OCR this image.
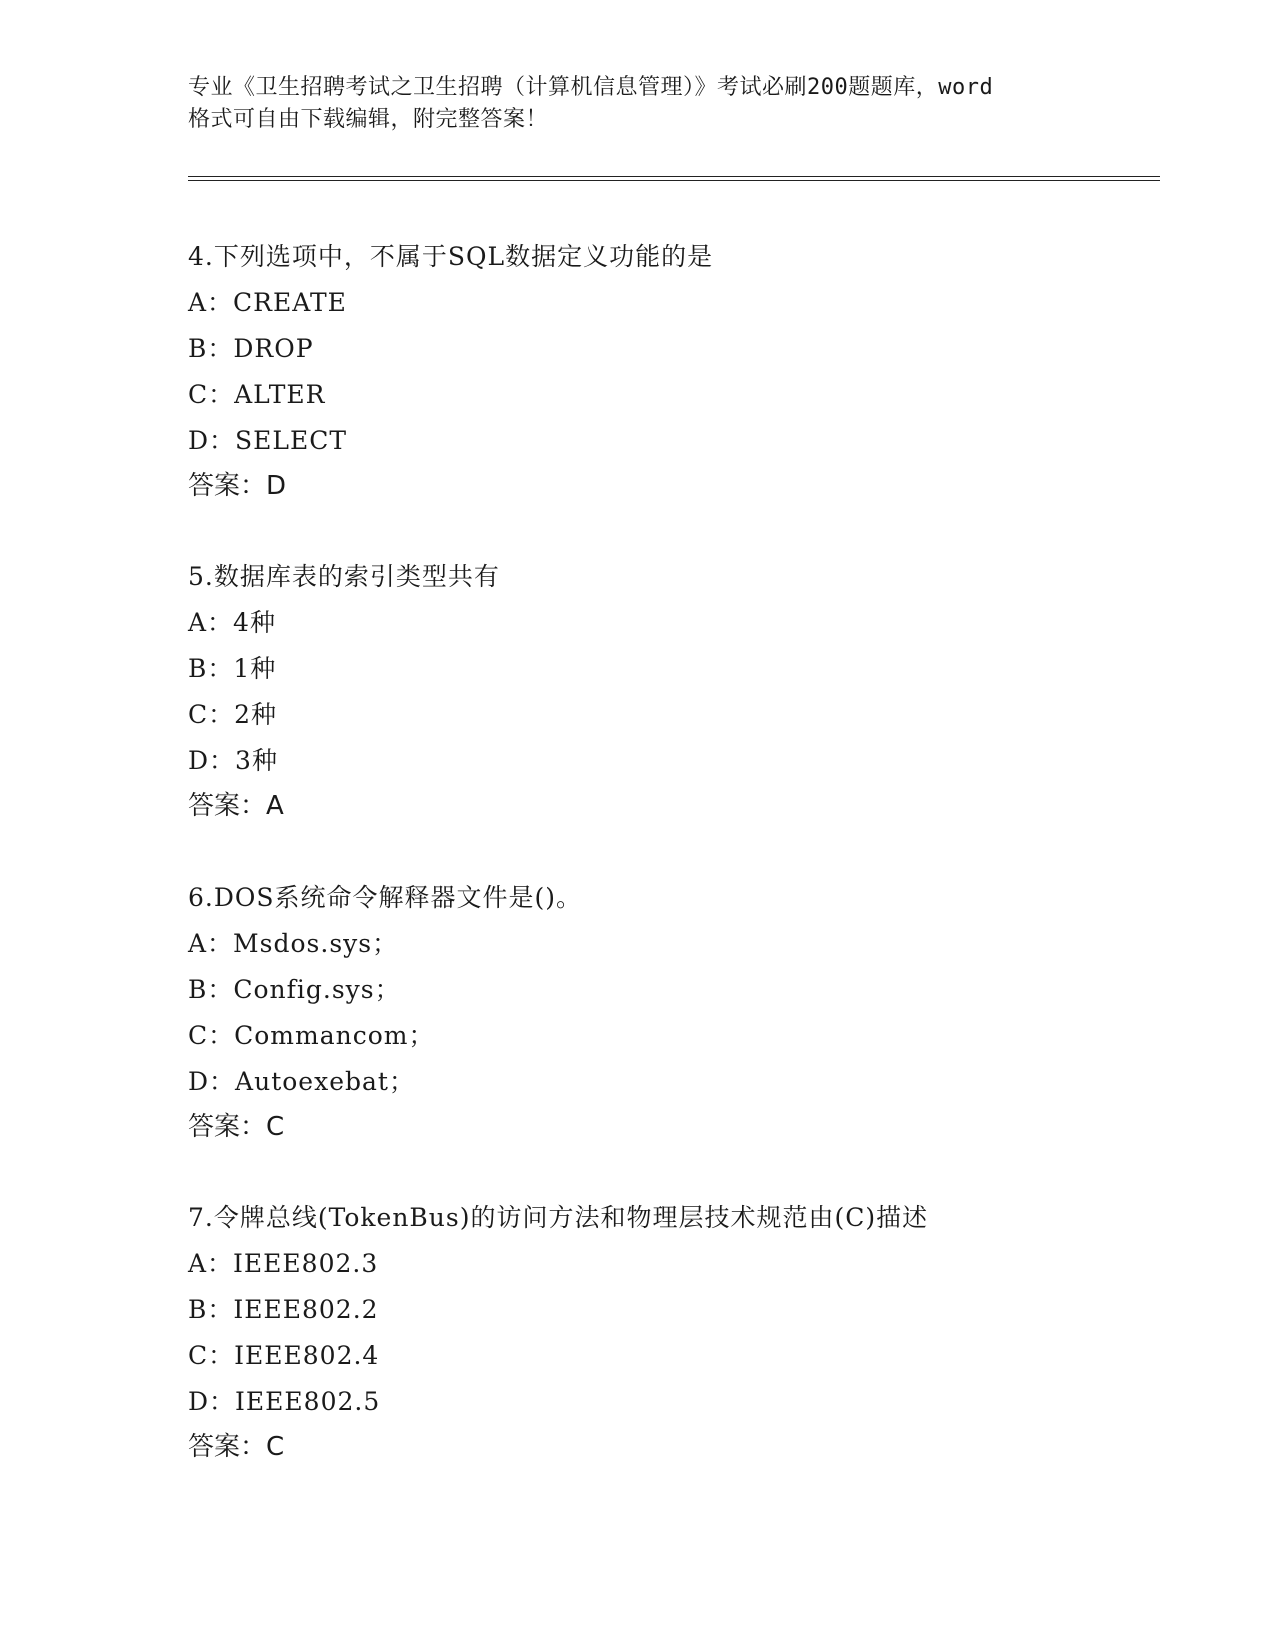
专业《卫生招聘考试之卫生招聘（计算机信息管理）》考试必刷200题题库，word
格式可自由下载编辑，附完整答案！
4.下列选项中，不属于SQL数据定义功能的是
A：CREATE
B：DROP
C：ALTER
D：SELECT
答案：D
5.数据库表的索引类型共有
A：4种
B：1种
C：2种
D：3种
答案：A
6.DOS系统命令解释器文件是()。
A：Msdos.sys；
B：Config.sys；
C：Commancom；
D：Autoexebat；
答案：C
7.令牌总线(TokenBus)的访问方法和物理层技术规范由(C)描述
A：IEEE802.3
B：IEEE802.2
C：IEEE802.4
D：IEEE802.5
答案：C
